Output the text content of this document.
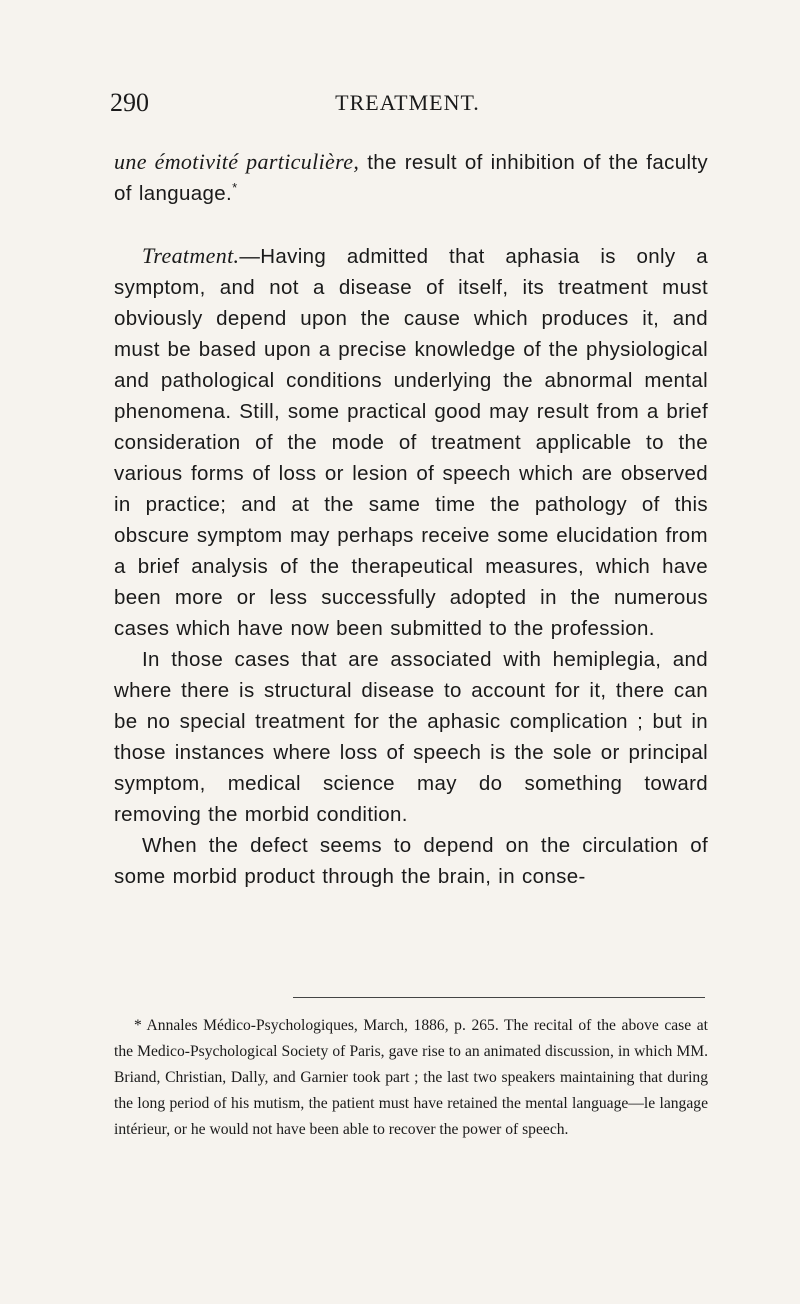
290	TREATMENT.

une émotivité particulière, the result of inhibition of the faculty of language.*

Treatment.—Having admitted that aphasia is only a symptom, and not a disease of itself, its treatment must obviously depend upon the cause which produces it, and must be based upon a precise knowledge of the physiological and pathological conditions underlying the abnormal mental phenomena. Still, some practical good may result from a brief consideration of the mode of treatment applicable to the various forms of loss or lesion of speech which are observed in practice; and at the same time the pathology of this obscure symptom may perhaps receive some elucidation from a brief analysis of the therapeutical measures, which have been more or less successfully adopted in the numerous cases which have now been submitted to the profession.

In those cases that are associated with hemiplegia, and where there is structural disease to account for it, there can be no special treatment for the aphasic complication ; but in those instances where loss of speech is the sole or principal symptom, medical science may do something toward removing the morbid condition.

When the defect seems to depend on the circulation of some morbid product through the brain, in conse-

* Annales Médico-Psychologiques, March, 1886, p. 265. The recital of the above case at the Medico-Psychological Society of Paris, gave rise to an animated discussion, in which MM. Briand, Christian, Dally, and Garnier took part ; the last two speakers maintaining that during the long period of his mutism, the patient must have retained the mental language—le langage intérieur, or he would not have been able to recover the power of speech.
